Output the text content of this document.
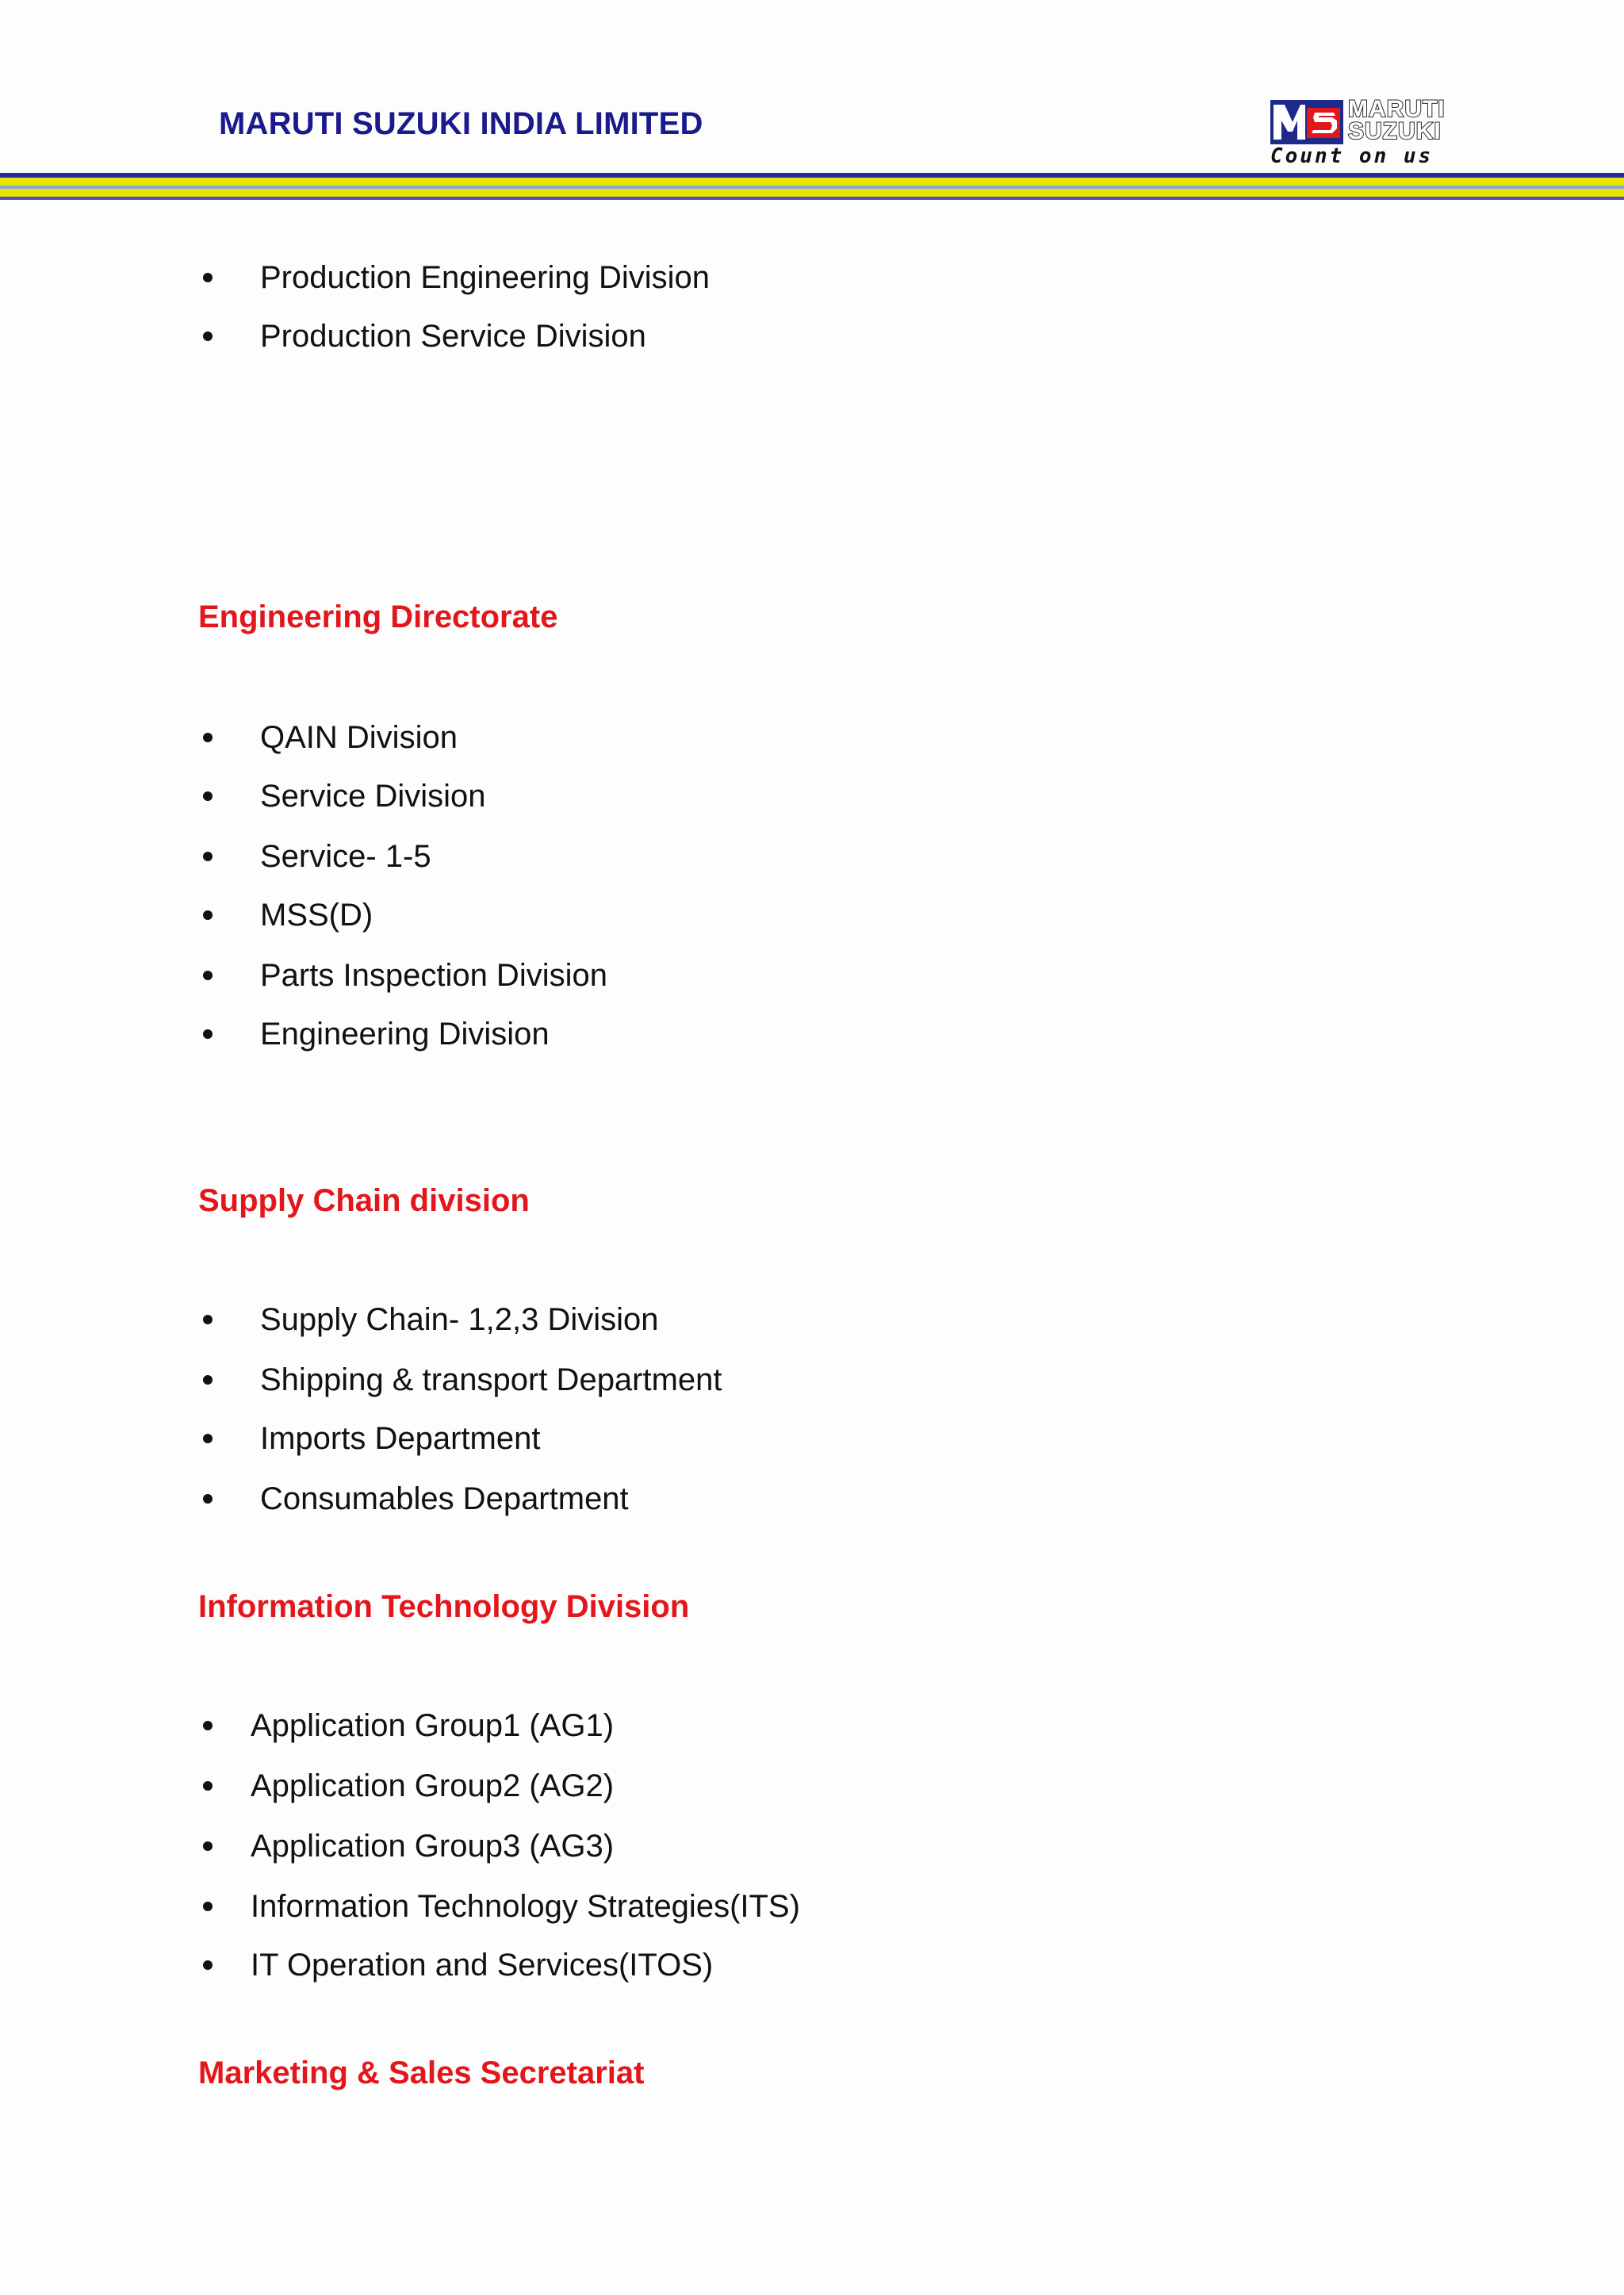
MARUTI SUZUKI INDIA LIMITED	MARUTI
SUZUKI
Count on us
Production Engineering Division
Production Service Division
Engineering Directorate
QAIN Division
Service Division
Service- 1-5
MSS(D)
Parts Inspection Division
Engineering Division
Supply Chain division
Supply Chain- 1,2,3 Division
Shipping & transport Department
Imports Department
Consumables Department
Information Technology Division
Application Group1 (AG1)
Application Group2 (AG2)
Application Group3 (AG3)
Information Technology Strategies(ITS)
IT Operation and Services(ITOS)
Marketing & Sales Secretariat
